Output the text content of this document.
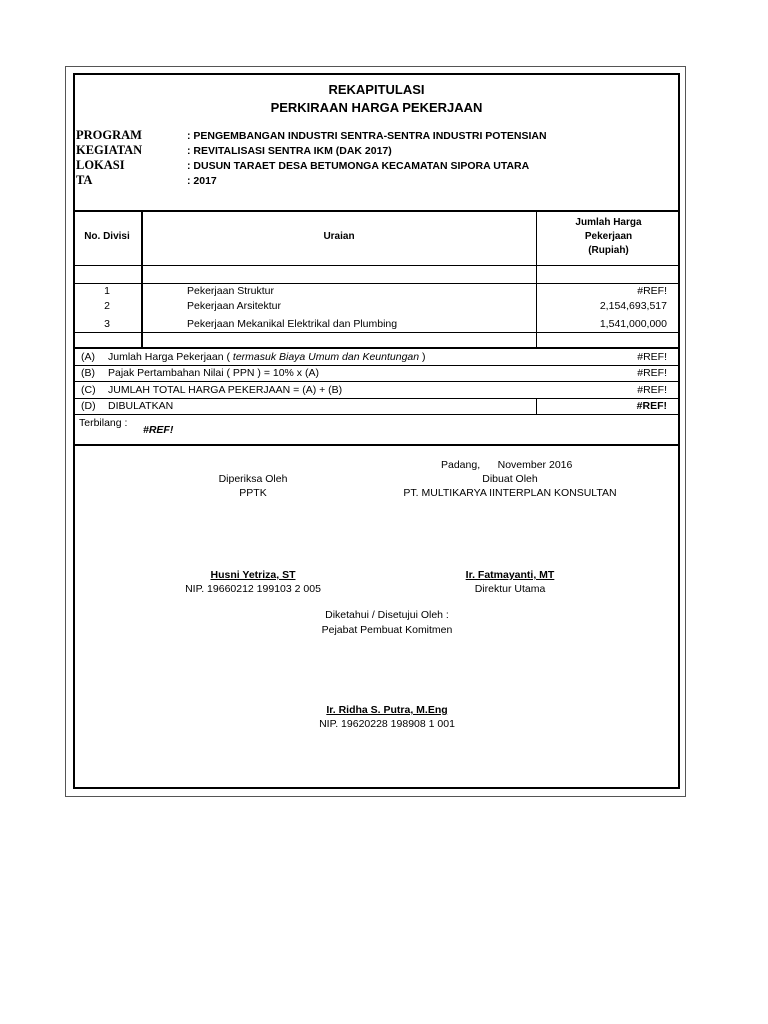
REKAPITULASI
PERKIRAAN HARGA PEKERJAAN
PROGRAM	: PENGEMBANGAN INDUSTRI SENTRA-SENTRA INDUSTRI POTENSIAN
KEGIATAN	: REVITALISASI SENTRA IKM (DAK 2017)
LOKASI	: DUSUN TARAET DESA BETUMONGA KECAMATAN SIPORA UTARA
TA	: 2017
No. Divisi	Uraian
Jumlah Harga
Pekerjaan
(Rupiah)
1	Pekerjaan Struktur	#REF!
2	Pekerjaan Arsitektur	2,154,693,517
3	Pekerjaan Mekanikal Elektrikal dan Plumbing	1,541,000,000
(A) Jumlah Harga Pekerjaan ( termasuk Biaya Umum dan Keuntungan )	#REF!
(B) Pajak Pertambahan Nilai ( PPN ) = 10% x (A)	#REF!
(C) JUMLAH TOTAL HARGA PEKERJAAN = (A) + (B)	#REF!
(D) DIBULATKAN	#REF!
Terbilang :
#REF!
Padang,      November 2016
Diperiksa Oleh
PPTK
Dibuat Oleh
PT. MULTIKARYA IINTERPLAN KONSULTAN
Husni Yetriza, ST
NIP. 19660212 199103 2 005
Ir. Fatmayanti, MT
Direktur Utama
Diketahui / Disetujui Oleh :
Pejabat Pembuat Komitmen
Ir. Ridha S. Putra, M.Eng
NIP. 19620228 198908 1 001
